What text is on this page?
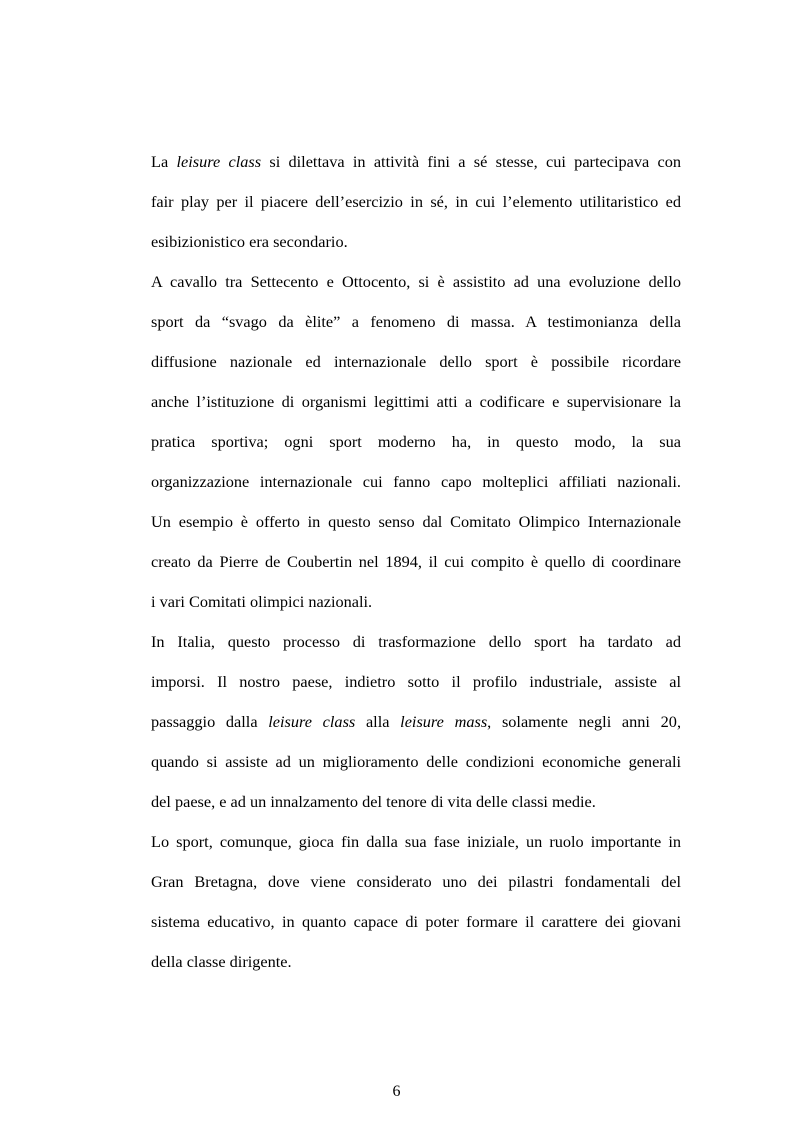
La leisure class si dilettava in attività fini a sé stesse, cui partecipava con
fair play per il piacere dell’esercizio in sé, in cui l’elemento utilitaristico ed
esibizionistico era secondario.
A cavallo tra Settecento e Ottocento, si è assistito ad una evoluzione dello
sport da “svago da èlite” a fenomeno di massa. A testimonianza della
diffusione nazionale ed internazionale dello sport è possibile ricordare
anche l’istituzione di organismi legittimi atti a codificare e supervisionare la
pratica sportiva; ogni sport moderno ha, in questo modo, la sua
organizzazione internazionale cui fanno capo molteplici affiliati nazionali.
Un esempio è offerto in questo senso dal Comitato Olimpico Internazionale
creato da Pierre de Coubertin nel 1894, il cui compito è quello di coordinare
i vari Comitati olimpici nazionali.
In Italia, questo processo di trasformazione dello sport ha tardato ad
imporsi. Il nostro paese, indietro sotto il profilo industriale, assiste al
passaggio dalla leisure class alla leisure mass, solamente negli anni 20,
quando si assiste ad un miglioramento delle condizioni economiche generali
del paese, e ad un innalzamento del tenore di vita delle classi medie.
Lo sport, comunque, gioca fin dalla sua fase iniziale, un ruolo importante in
Gran Bretagna, dove viene considerato uno dei pilastri fondamentali del
sistema educativo, in quanto capace di poter formare il carattere dei giovani
della classe dirigente.
6
